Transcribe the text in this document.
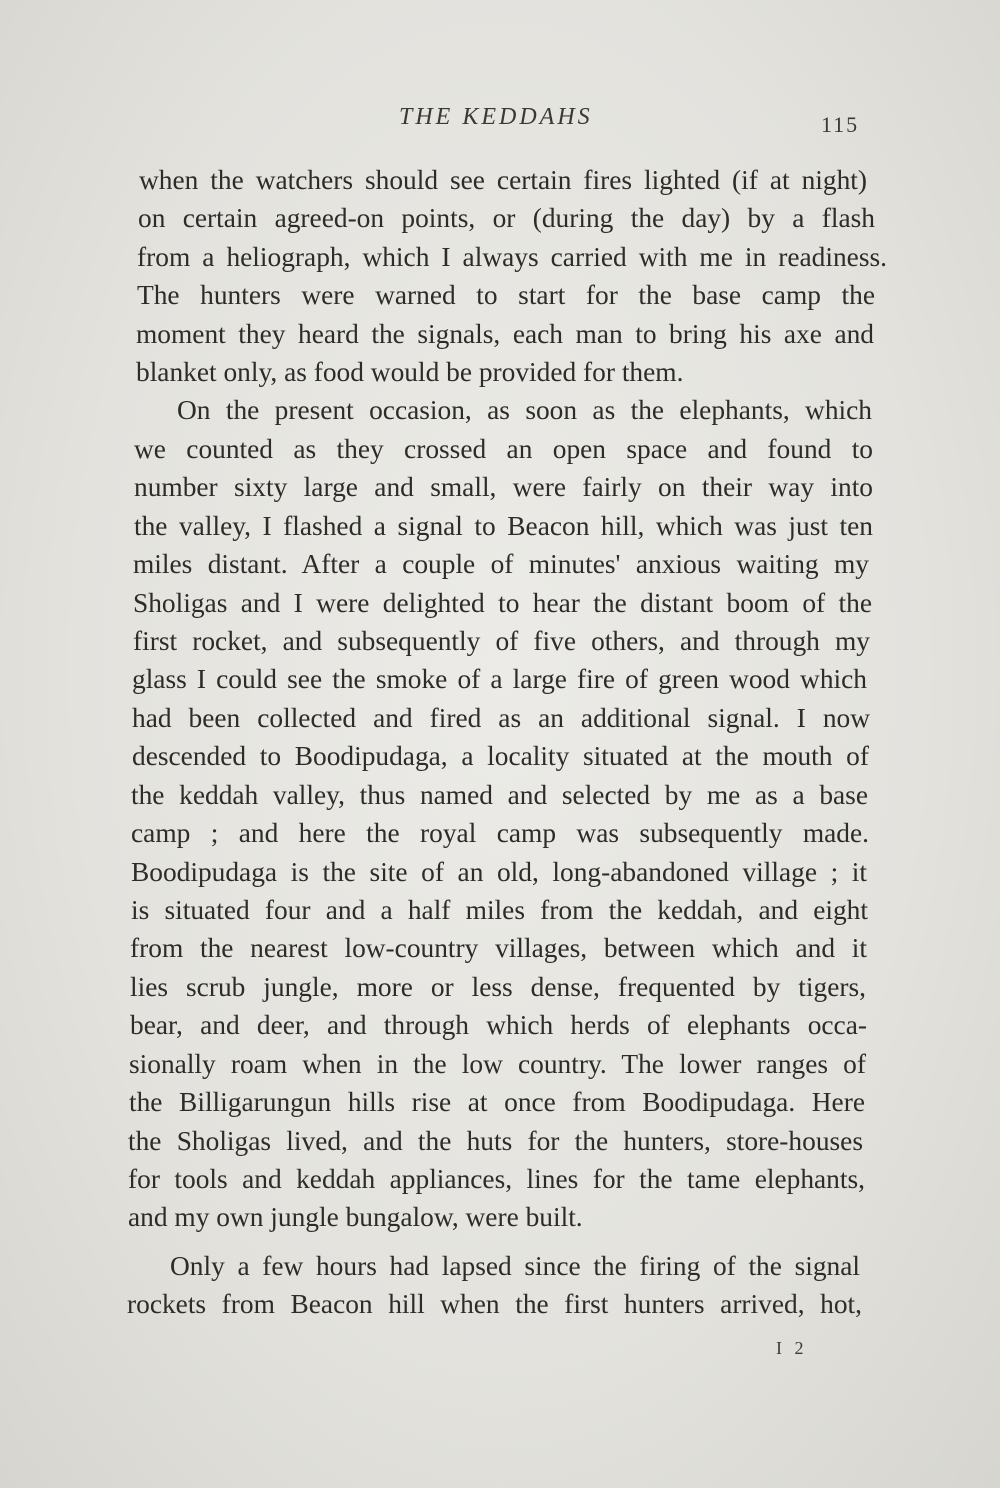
THE KEDDAHS	115
when the watchers should see certain fires lighted (if at night)
on certain agreed-on points, or (during the day) by a flash
from a heliograph, which I always carried with me in readiness.
The hunters were warned to start for the base camp the
moment they heard the signals, each man to bring his axe and
blanket only, as food would be provided for them.
On the present occasion, as soon as the elephants, which
we counted as they crossed an open space and found to
number sixty large and small, were fairly on their way into
the valley, I flashed a signal to Beacon hill, which was just ten
miles distant. After a couple of minutes' anxious waiting my
Sholigas and I were delighted to hear the distant boom of the
first rocket, and subsequently of five others, and through my
glass I could see the smoke of a large fire of green wood which
had been collected and fired as an additional signal. I now
descended to Boodipudaga, a locality situated at the mouth of
the keddah valley, thus named and selected by me as a base
camp ; and here the royal camp was subsequently made.
Boodipudaga is the site of an old, long-abandoned village ; it
is situated four and a half miles from the keddah, and eight
from the nearest low-country villages, between which and it
lies scrub jungle, more or less dense, frequented by tigers,
bear, and deer, and through which herds of elephants occa-
sionally roam when in the low country. The lower ranges of
the Billigarungun hills rise at once from Boodipudaga. Here
the Sholigas lived, and the huts for the hunters, store-houses
for tools and keddah appliances, lines for the tame elephants,
and my own jungle bungalow, were built.
Only a few hours had lapsed since the firing of the signal
rockets from Beacon hill when the first hunters arrived, hot,
I 2
